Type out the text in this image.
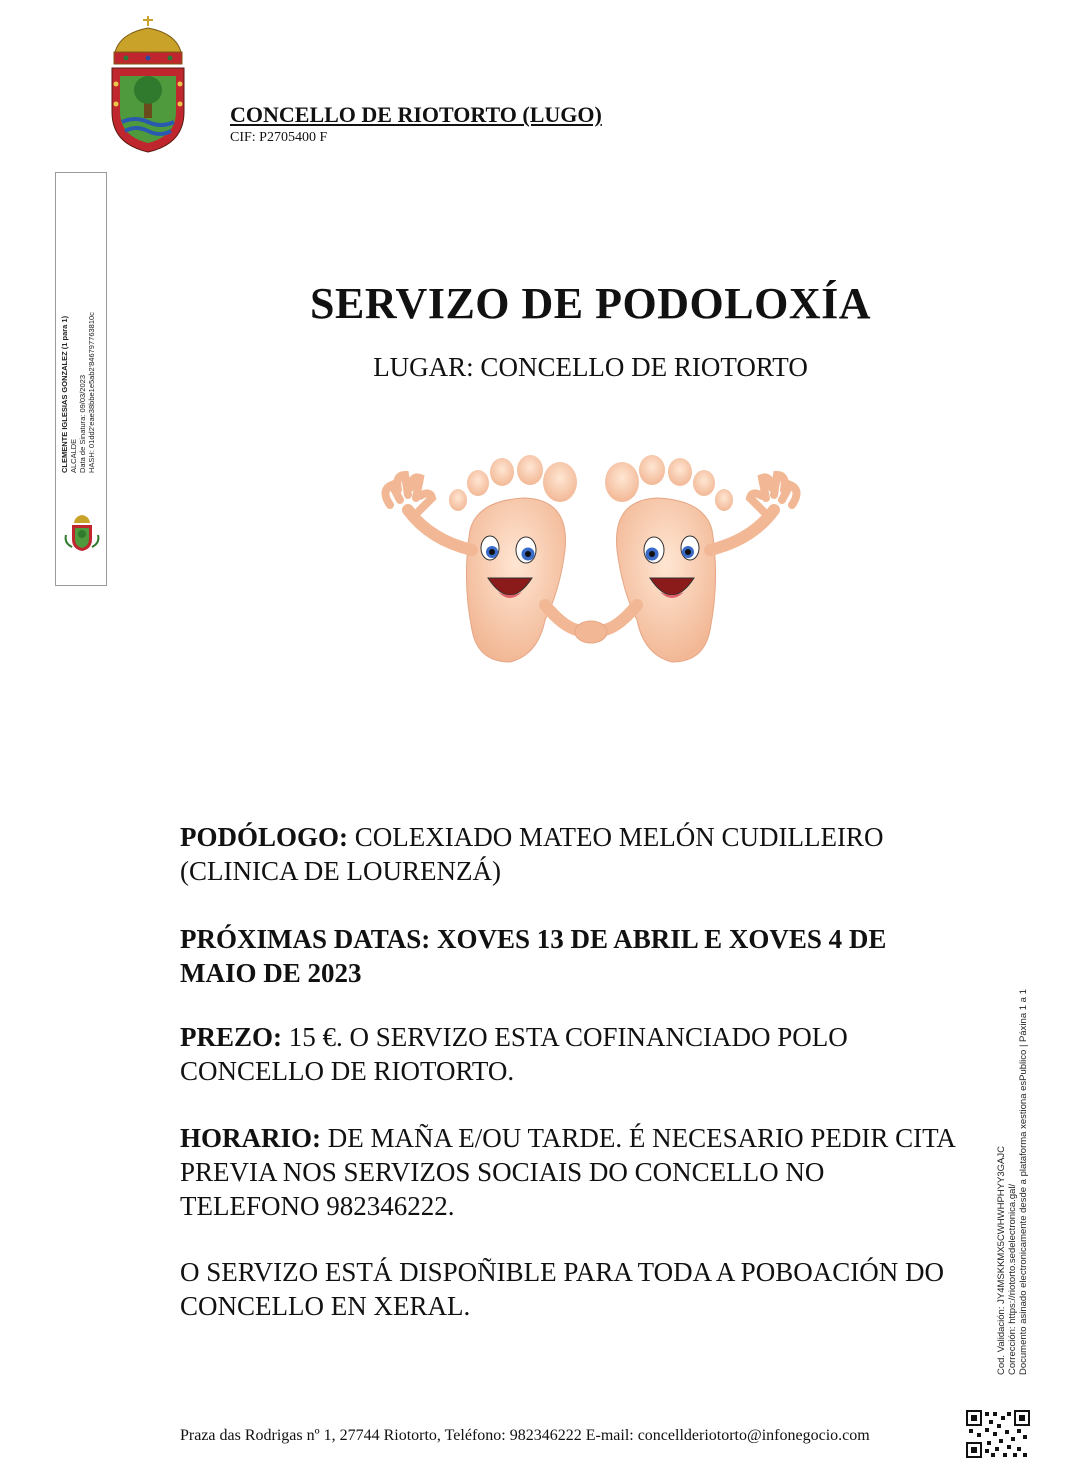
CONCELLO DE RIOTORTO (LUGO)
CIF: P2705400 F
CLEMENTE IGLESIAS GONZALEZ (1 para 1) ALCALDE Data de Sinatura: 09/03/2023 HASH: 01dd2'eae38bbe1e5ab2'84679776​3810c
SERVIZO DE PODOLOXÍA
LUGAR: CONCELLO DE RIOTORTO
PODÓLOGO: COLEXIADO MATEO MELÓN CUDILLEIRO (CLINICA DE LOURENZÁ)
PRÓXIMAS DATAS: XOVES 13 DE ABRIL E XOVES 4 DE MAIO DE 2023
PREZO: 15 €. O SERVIZO ESTA COFINANCIADO POLO CONCELLO DE RIOTORTO.
HORARIO: DE MAÑA E/OU TARDE. É NECESARIO PEDIR CITA PREVIA NOS SERVIZOS SOCIAIS DO CONCELLO NO TELEFONO 982346222.
O SERVIZO ESTÁ DISPOÑIBLE PARA TODA A POBOACIÓN DO CONCELLO EN XERAL.	Cod. Validación: JY4MSKKMX5CWHWHPHYY3GAJC Corrección: https://riotorto.sedelectronica.gal/ Documento asinado electronicamente desde a plataforma xestiona esPublico | Páxina 1 a 1
Praza das Rodrigas nº 1, 27744 Riotorto, Teléfono: 982346222 E-mail: concellderiotorto@infonegocio.com
